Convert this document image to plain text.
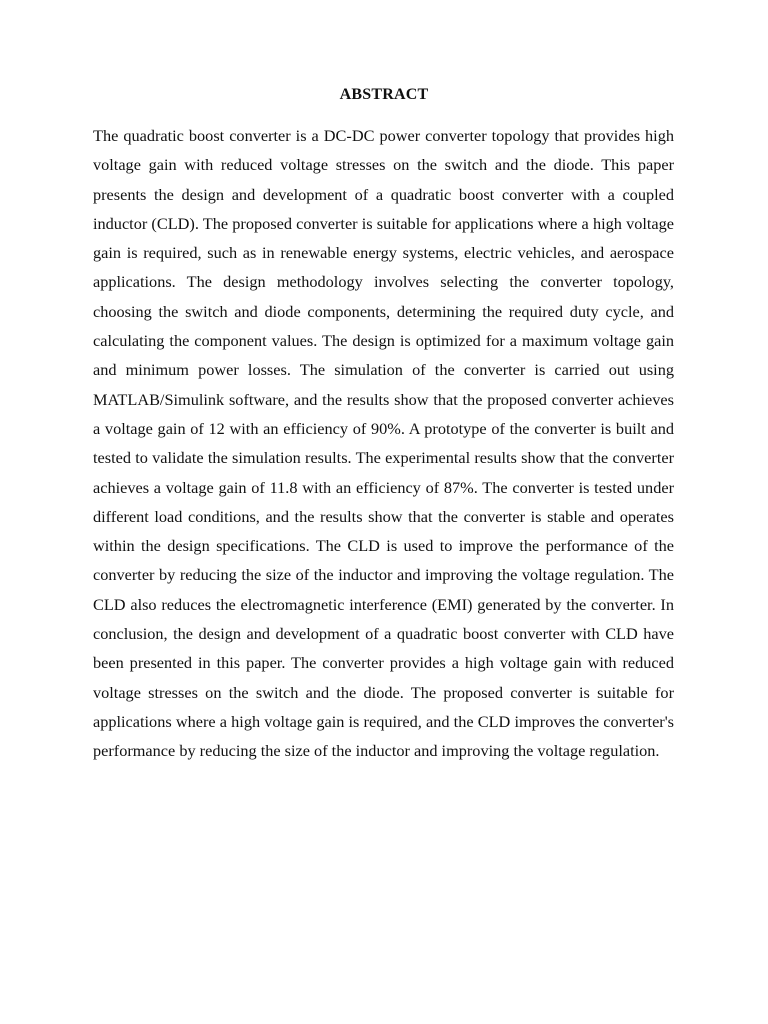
ABSTRACT

The quadratic boost converter is a DC-DC power converter topology that provides high voltage gain with reduced voltage stresses on the switch and the diode. This paper presents the design and development of a quadratic boost converter with a coupled inductor (CLD). The proposed converter is suitable for applications where a high voltage gain is required, such as in renewable energy systems, electric vehicles, and aerospace applications. The design methodology involves selecting the converter topology, choosing the switch and diode components, determining the required duty cycle, and calculating the component values. The design is optimized for a maximum voltage gain and minimum power losses. The simulation of the converter is carried out using MATLAB/Simulink software, and the results show that the proposed converter achieves a voltage gain of 12 with an efficiency of 90%. A prototype of the converter is built and tested to validate the simulation results. The experimental results show that the converter achieves a voltage gain of 11.8 with an efficiency of 87%. The converter is tested under different load conditions, and the results show that the converter is stable and operates within the design specifications. The CLD is used to improve the performance of the converter by reducing the size of the inductor and improving the voltage regulation. The CLD also reduces the electromagnetic interference (EMI) generated by the converter. In conclusion, the design and development of a quadratic boost converter with CLD have been presented in this paper. The converter provides a high voltage gain with reduced voltage stresses on the switch and the diode. The proposed converter is suitable for applications where a high voltage gain is required, and the CLD improves the converter's performance by reducing the size of the inductor and improving the voltage regulation.
